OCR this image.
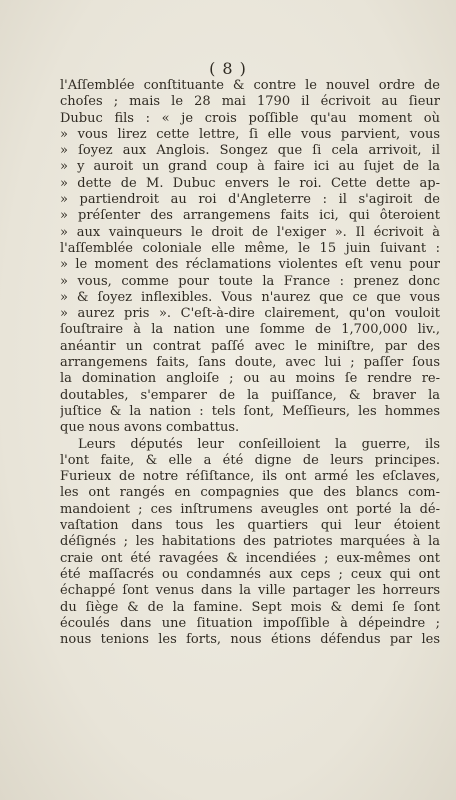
( 8 )
l'Aſſemblée conſtituante & contre le nouvel ordre de
choſes ; mais le 28 mai 1790 il écrivoit au ſieur
Dubuc fils : « je crois poſſible qu'au moment où
» vous lirez cette lettre, ſi elle vous parvient, vous
» ſoyez aux Anglois. Songez que ſi cela arrivoit, il
» y auroit un grand coup à faire ici au ſujet de la
» dette de M. Dubuc envers le roi. Cette dette ap-
» partiendroit au roi d'Angleterre : il s'agiroit de
» préſenter des arrangemens faits ici, qui ôteroient
» aux vainqueurs le droit de l'exiger ». Il écrivoit à
l'aſſemblée coloniale elle même, le 15 juin ſuivant :
» le moment des réclamations violentes eſt venu pour
» vous, comme pour toute la France : prenez donc
» & ſoyez inflexibles. Vous n'aurez que ce que vous
» aurez pris ». C'eſt-à-dire clairement, qu'on vouloit
ſouſtraire à la nation une ſomme de 1,700,000 liv.,
anéantir un contrat paſſé avec le miniſtre, par des
arrangemens faits, ſans doute, avec lui ; paſſer ſous
la domination angloiſe ; ou au moins ſe rendre re-
doutables, s'emparer de la puiſſance, & braver la
juſtice & la nation : tels ſont, Meſſieurs, les hommes
que nous avons combattus.
Leurs députés leur conſeilloient la guerre, ils
l'ont faite, & elle a été digne de leurs principes.
Furieux de notre réſiſtance, ils ont armé les eſclaves,
les ont rangés en compagnies que des blancs com-
mandoient ; ces inſtrumens aveugles ont porté la dé-
vaſtation dans tous les quartiers qui leur étoient
déſignés ; les habitations des patriotes marquées à la
craie ont été ravagées & incendiées ; eux-mêmes ont
été maſſacrés ou condamnés aux ceps ; ceux qui ont
échappé ſont venus dans la ville partager les horreurs
du ſiège & de la famine. Sept mois & demi ſe ſont
écoulés dans une ſituation impoſſible à dépeindre ;
nous tenions les forts, nous étions défendus par les
